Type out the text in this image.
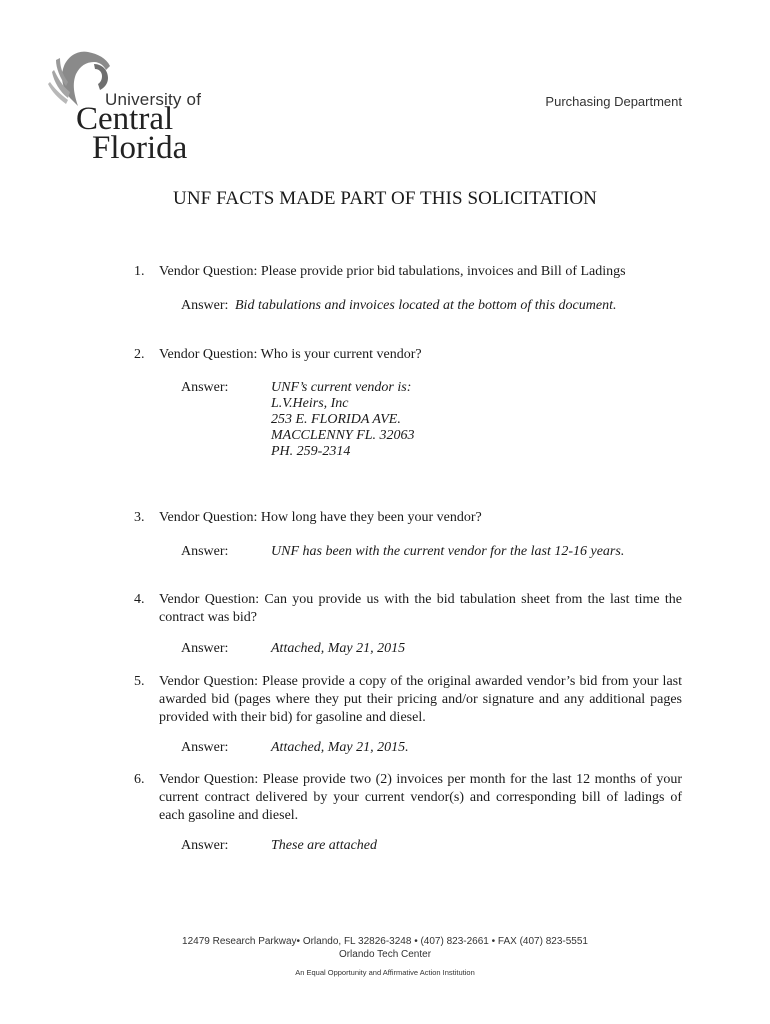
University of
Central
Florida
Purchasing Department
UNF FACTS MADE PART OF THIS SOLICITATION
1. Vendor Question: Please provide prior bid tabulations, invoices and Bill of Ladings
Answer: Bid tabulations and invoices located at the bottom of this document.
2. Vendor Question: Who is your current vendor?
Answer:	UNF’s current vendor is:
L.V.Heirs, Inc
253 E. FLORIDA AVE.
MACCLENNY FL. 32063
PH. 259-2314
3. Vendor Question: How long have they been your vendor?
Answer:	UNF has been with the current vendor for the last 12-16 years.
4. Vendor Question: Can you provide us with the bid tabulation sheet from the last time the contract was bid?
Answer:	Attached, May 21, 2015
5. Vendor Question: Please provide a copy of the original awarded vendor’s bid from your last awarded bid (pages where they put their pricing and/or signature and any additional pages provided with their bid) for gasoline and diesel.
Answer:	Attached, May 21, 2015.
6. Vendor Question: Please provide two (2) invoices per month for the last 12 months of your current contract delivered by your current vendor(s) and corresponding bill of ladings of each gasoline and diesel.
Answer:	These are attached
12479 Research Parkway• Orlando, FL 32826-3248 • (407) 823-2661 • FAX (407) 823-5551
Orlando Tech Center
An Equal Opportunity and Affirmative Action Institution
